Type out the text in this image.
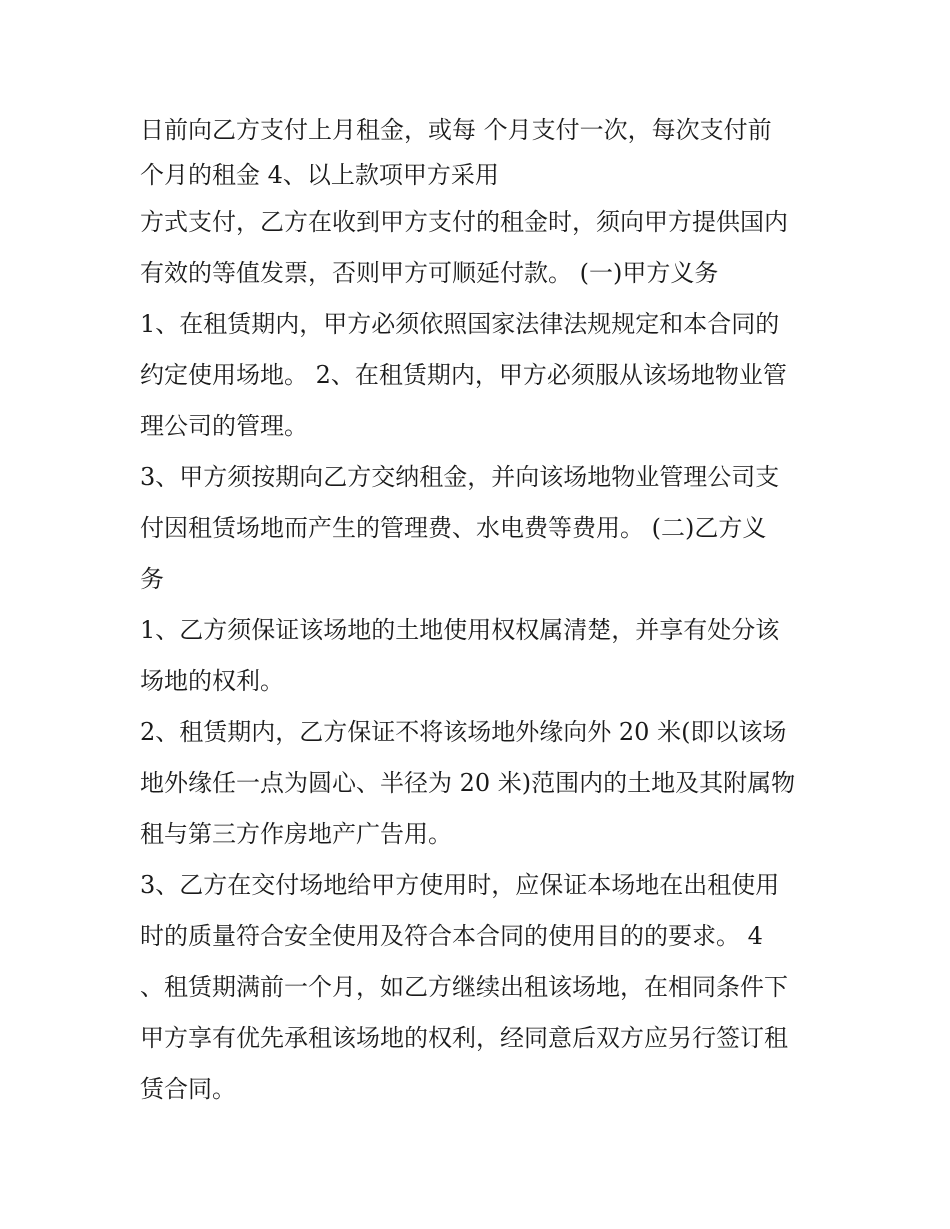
日前向乙方支付上月租金，或每 个月支付一次，每次支付前
个月的租金 4、以上款项甲方采用
方式支付，乙方在收到甲方支付的租金时，须向甲方提供国内
有效的等值发票，否则甲方可顺延付款。 (一)甲方义务
1、在租赁期内，甲方必须依照国家法律法规规定和本合同的
约定使用场地。 2、在租赁期内，甲方必须服从该场地物业管
理公司的管理。
3、甲方须按期向乙方交纳租金，并向该场地物业管理公司支
付因租赁场地而产生的管理费、水电费等费用。 (二)乙方义
务
1、乙方须保证该场地的土地使用权权属清楚，并享有处分该
场地的权利。
2、租赁期内，乙方保证不将该场地外缘向外 20 米(即以该场
地外缘任一点为圆心、半径为 20 米)范围内的土地及其附属物
租与第三方作房地产广告用。
3、乙方在交付场地给甲方使用时，应保证本场地在出租使用
时的质量符合安全使用及符合本合同的使用目的的要求。 4
、租赁期满前一个月，如乙方继续出租该场地，在相同条件下
甲方享有优先承租该场地的权利，经同意后双方应另行签订租
赁合同。
